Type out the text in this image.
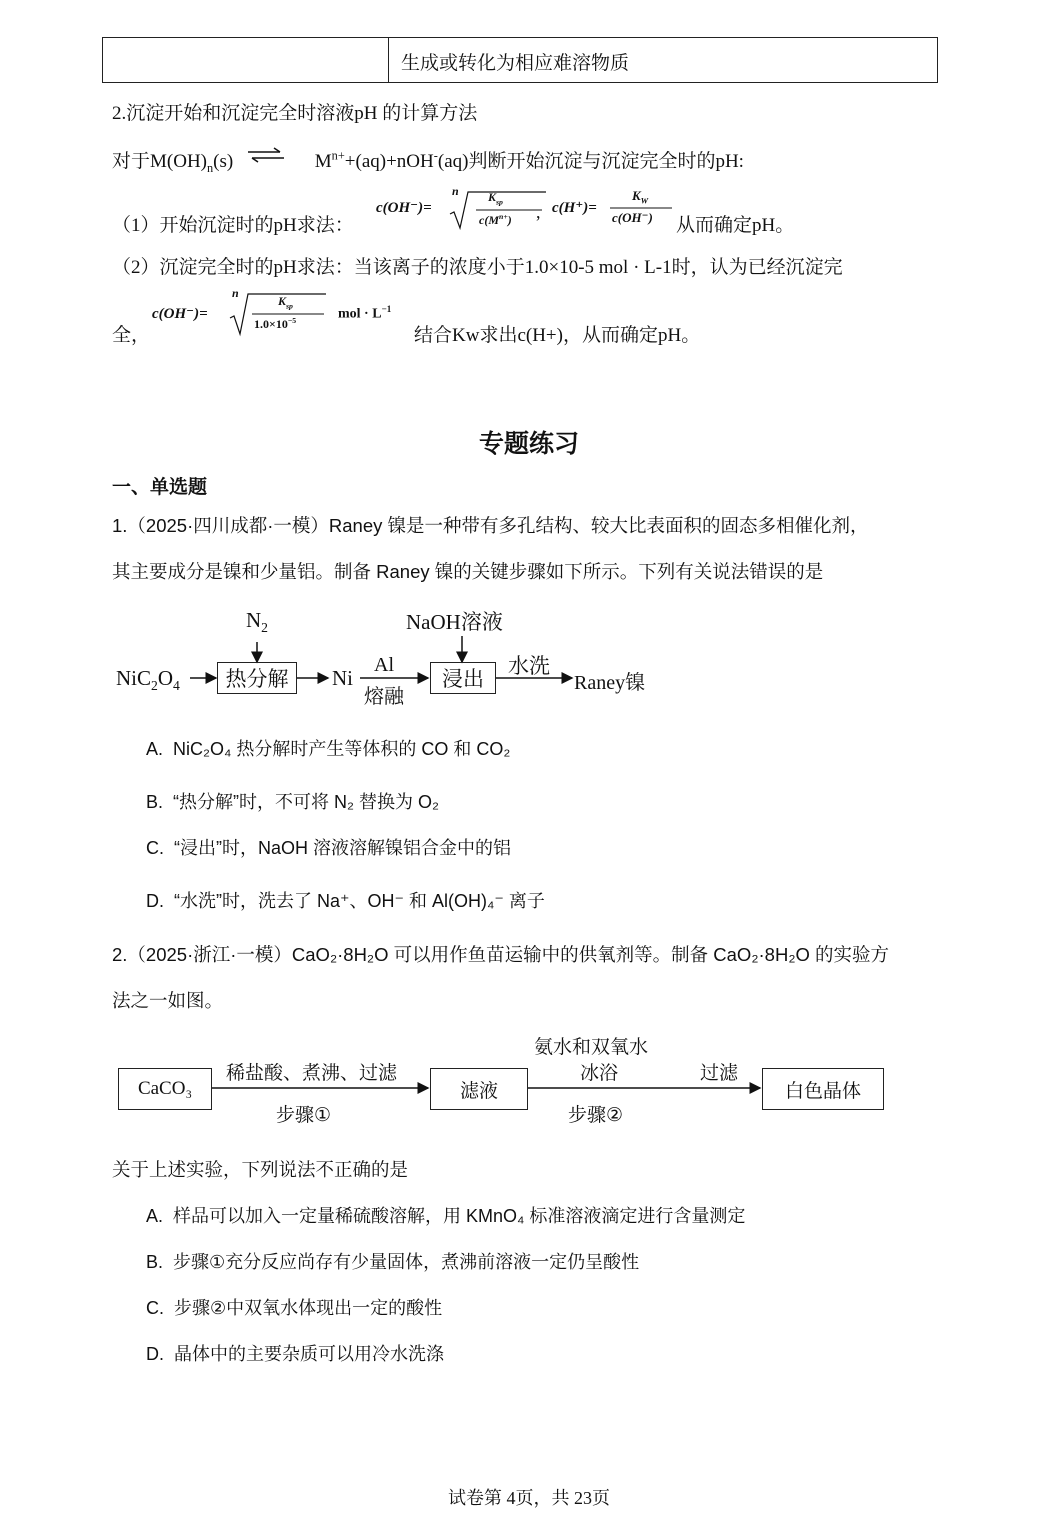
生成或转化为相应难溶物质
2.沉淀开始和沉淀完全时溶液pH 的计算方法
对于$M(OH)_n(s)$ ⇌ $M^{n+}+(aq)+nOH^-(aq)$判断开始沉淀与沉淀完全时的pH:
（1）开始沉淀时的pH求法：
c(OH⁻)=
n $K_{sp}$
$c(M^{n+})$ , c(H⁺)=
$K_W$
c(OH⁻) 从而确定pH。
（2）沉淀完全时的pH求法：当该离子的浓度小于1.0×10-5 mol · L-1时，认为已经沉淀完
全，
c(OH⁻)=
n
$K_{sp}$
$1.0\times 10^{-5}$	mol · $L^{-1}$
结合Kw求出c(H+)，从而确定pH。
专题练习
一、单选题
1.（2025·四川成都·一模）Raney 镍是一种带有多孔结构、较大比表面积的固态多相催化剂，
其主要成分是镍和少量铝。制备 Raney 镍的关键步骤如下所示。下列有关说法错误的是
$NiC_2O_4$
$N_2$
热分解	Ni
Al
熔融
NaOH溶液
浸出
水洗
Raney镍
A. NiC₂O₄ 热分解时产生等体积的 CO 和 CO₂
B. “热分解”时，不可将 N₂ 替换为 O₂
C. “浸出”时，NaOH 溶液溶解镍铝合金中的铝
D. “水洗”时，洗去了 Na⁺、OH⁻ 和 Al(OH)₄⁻ 离子
2.（2025·浙江·一模）CaO₂·8H₂O 可以用作鱼苗运输中的供氧剂等。制备 CaO₂·8H₂O 的实验方
法之一如图。
CaCO₃
稀盐酸、煮沸、过滤
步骤①
滤液
氨水和双氧水
冰浴
步骤②
过滤
白色晶体
关于上述实验，下列说法不正确的是
A. 样品可以加入一定量稀硫酸溶解，用 KMnO₄ 标准溶液滴定进行含量测定
B. 步骤①充分反应尚存有少量固体，煮沸前溶液一定仍呈酸性
C. 步骤②中双氧水体现出一定的酸性
D. 晶体中的主要杂质可以用冷水洗涤
试卷第 4页，共 23页
